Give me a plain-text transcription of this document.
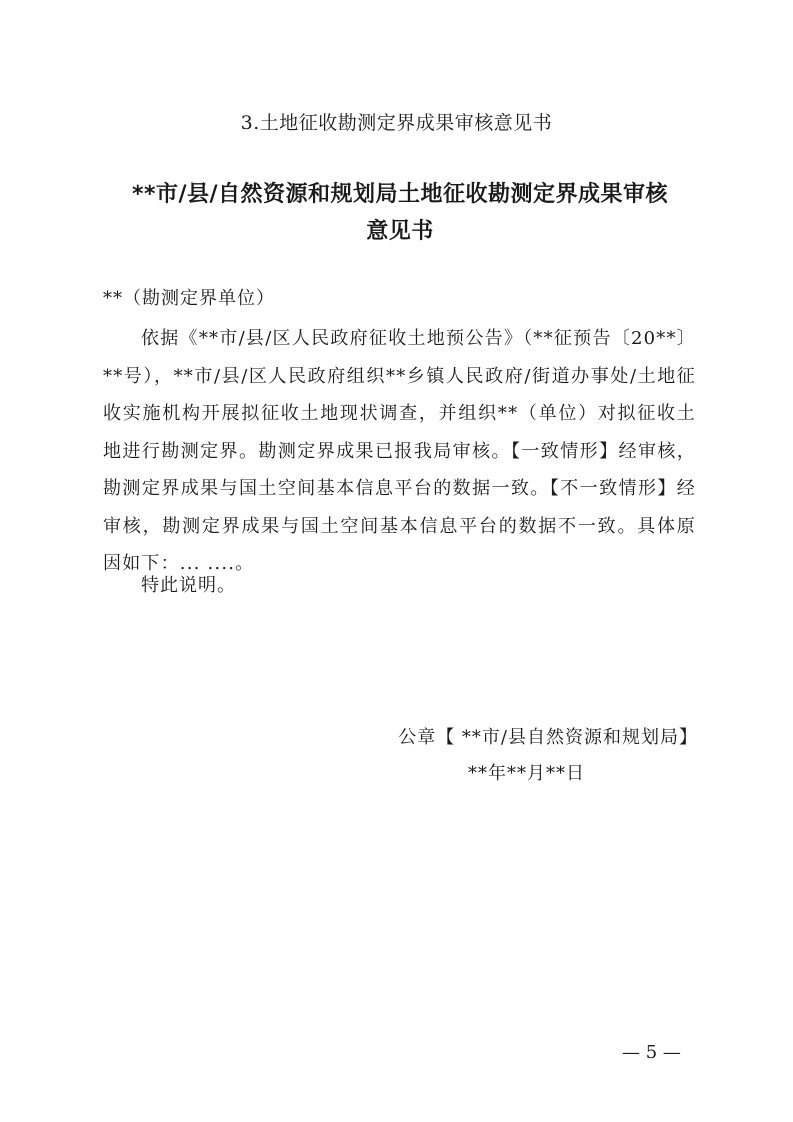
3.土地征收勘测定界成果审核意见书
**市/县/自然资源和规划局土地征收勘测定界成果审核
意见书
**（勘测定界单位）

依据《**市/县/区人民政府征收土地预公告》（**征预告〔20**〕**号），**市/县/区人民政府组织**乡镇人民政府/街道办事处/土地征收实施机构开展拟征收土地现状调查，并组织**（单位）对拟征收土地进行勘测定界。勘测定界成果已报我局审核。【一致情形】经审核，勘测定界成果与国土空间基本信息平台的数据一致。【不一致情形】经审核，勘测定界成果与国土空间基本信息平台的数据不一致。具体原因如下：... ....。

特此说明。
公章【 **市/县自然资源和规划局】
**年**月**日
— 5 —
